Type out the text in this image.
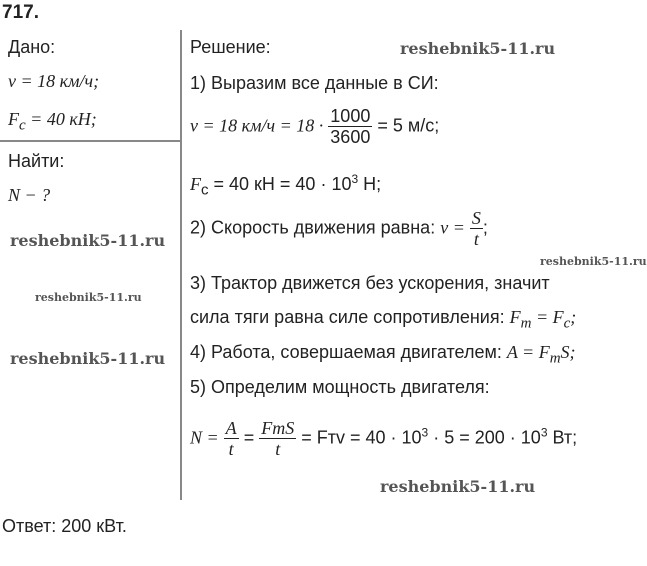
717.
Дано:
v = 18 км/ч;
$F_с = 40$ кН;
Найти:
N − ?
Решение:
1) Выразим все данные в СИ:
v = 18 $км/ч = 18 \cdot \frac{1000}{3600} = 5$ м/с;
$F_с = 40$ кН = $40 \cdot 10^3$ Н;
2) Скорость движения равна: $v = \frac{S}{t}$ ;
3) Трактор движется без ускорения, значит
сила тяги равна силе сопротивления: $F_т = F_с$;
4) Работа, совершаемая двигателем: $A = F_тS$;
5) Определим мощность двигателя:
$N = \frac{A}{t} = \frac{\text{FтS}}{t}$ = Fтv = $40 \cdot 10^3 \cdot 5 = 200 \cdot 10^3$ Вт;
Ответ: 200 кВт.
reshebnik5-11.ru
reshebnik5-11.ru
reshebnik5-11.ru
reshebnik5-11.ru
reshebnik5-11.ru
reshebnik5-11.ru
